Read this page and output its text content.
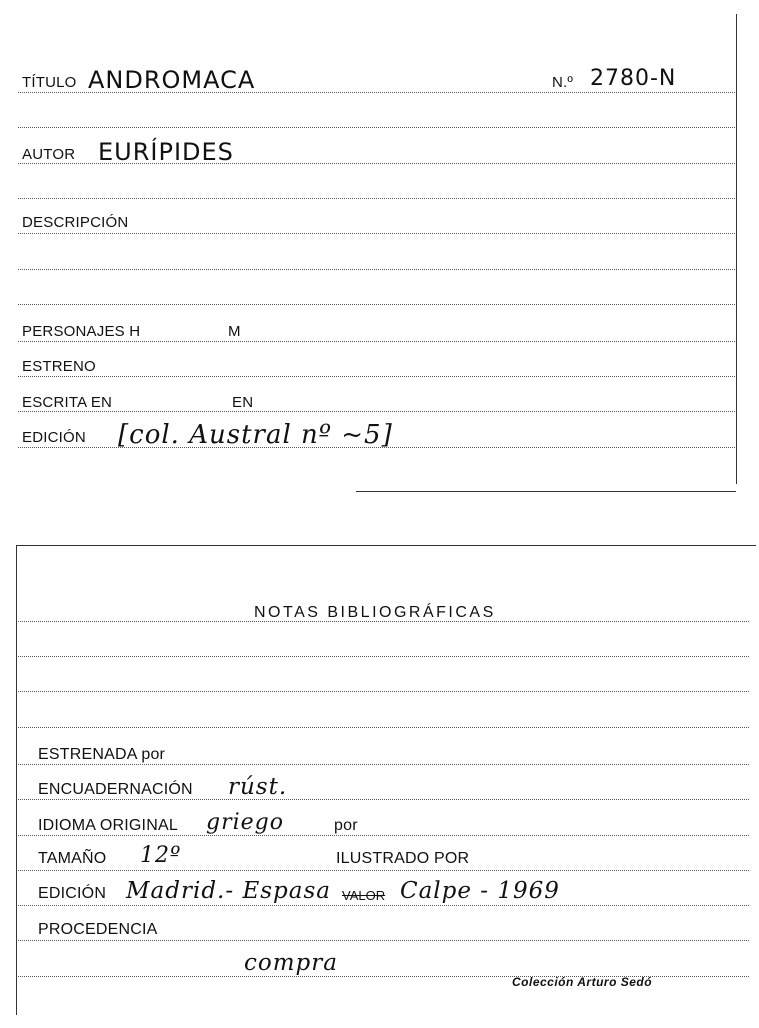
TÍTULO ANDROMACA	N.º 2780-N
AUTOR EURÍPIDES
DESCRIPCIÓN
PERSONAJES H	M
ESTRENO
ESCRITA EN	EN
EDICIÓN [col. Austral nº ~5]
NOTAS BIBLIOGRÁFICAS
ESTRENADA por
ENCUADERNACIÓN rúst.
IDIOMA ORIGINAL griego	por
TAMAÑO 12º	ILUSTRADO POR
EDICIÓN Madrid.- Espasa VALOR Calpe - 1969
PROCEDENCIA
compra
Colección Arturo Sedó
